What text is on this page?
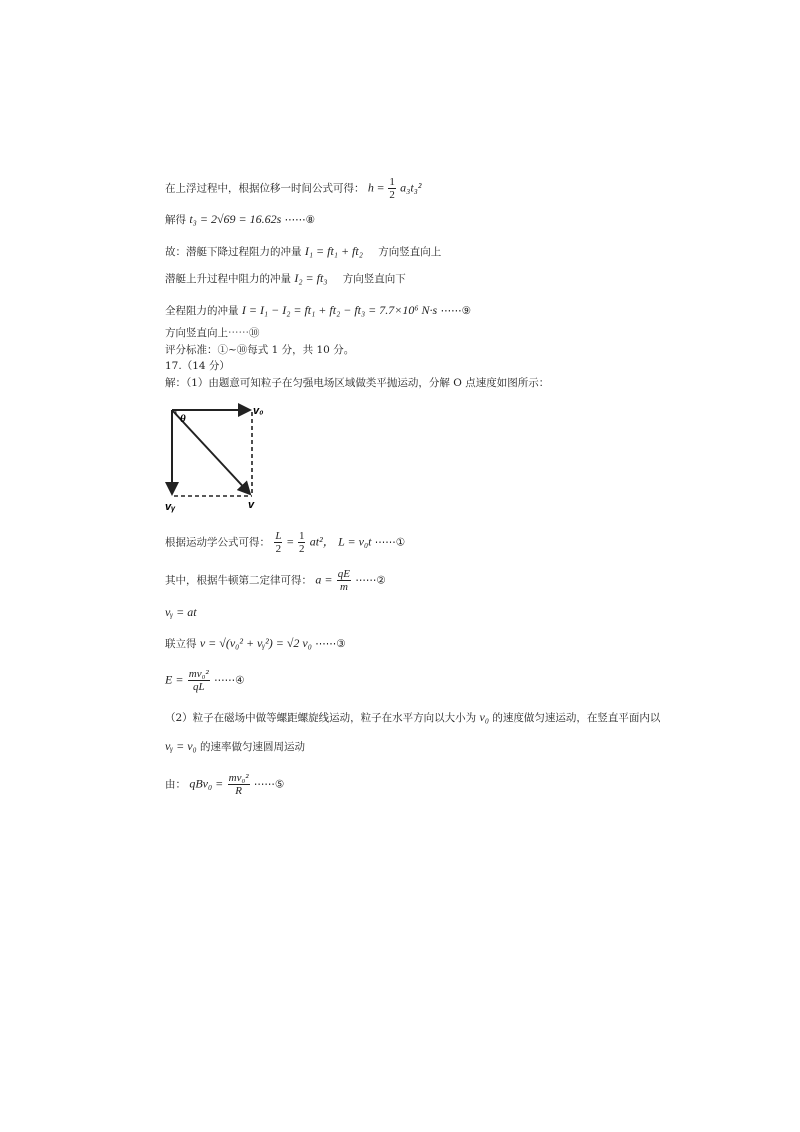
在上浮过程中，根据位移一时间公式可得： $h = \frac{1}{2} a_3t_3^2$
解得 t₃ = 2√69 = 16.62s ⋯⋯⑧
故：潜艇下降过程阻力的冲量 I₁ = ft₁ + ft₂ 方向竖直向上
潜艇上升过程中阻力的冲量 I₂ = ft₃ 方向竖直向下
全程阻力的冲量 I = I₁ − I₂ = ft₁ + ft₂ − ft₃ = 7.7×10⁶ N·s ⋯⋯⑨
方向竖直向上⋯⋯⑩
评分标准：①~⑩每式 1 分，共 10 分。
17.（14 分）
解：（1）由题意可知粒子在匀强电场区域做类平抛运动，分解 O 点速度如图所示：
θ
v₀
vᵧ	v
根据运动学公式可得： $\frac{L}{2} = \frac{1}{2} at^2$， L = v₀t ⋯⋯①
其中，根据牛顿第二定律可得： $a = \frac{qE}{m}$ ⋯⋯②
vᵧ = at
联立得 v = √(v₀² + vᵧ²) = √2 v₀ ⋯⋯③
$E = \frac{\text{mv₀²}}{qL}$ ⋯⋯④
（2）粒子在磁场中做等螺距螺旋线运动，粒子在水平方向以大小为 v₀ 的速度做匀速运动，在竖直平面内以
vᵧ = v₀ 的速率做匀速圆周运动
由： $qBv_0 = \frac{\text{mv₀²}}{R}$ ⋯⋯⑤
